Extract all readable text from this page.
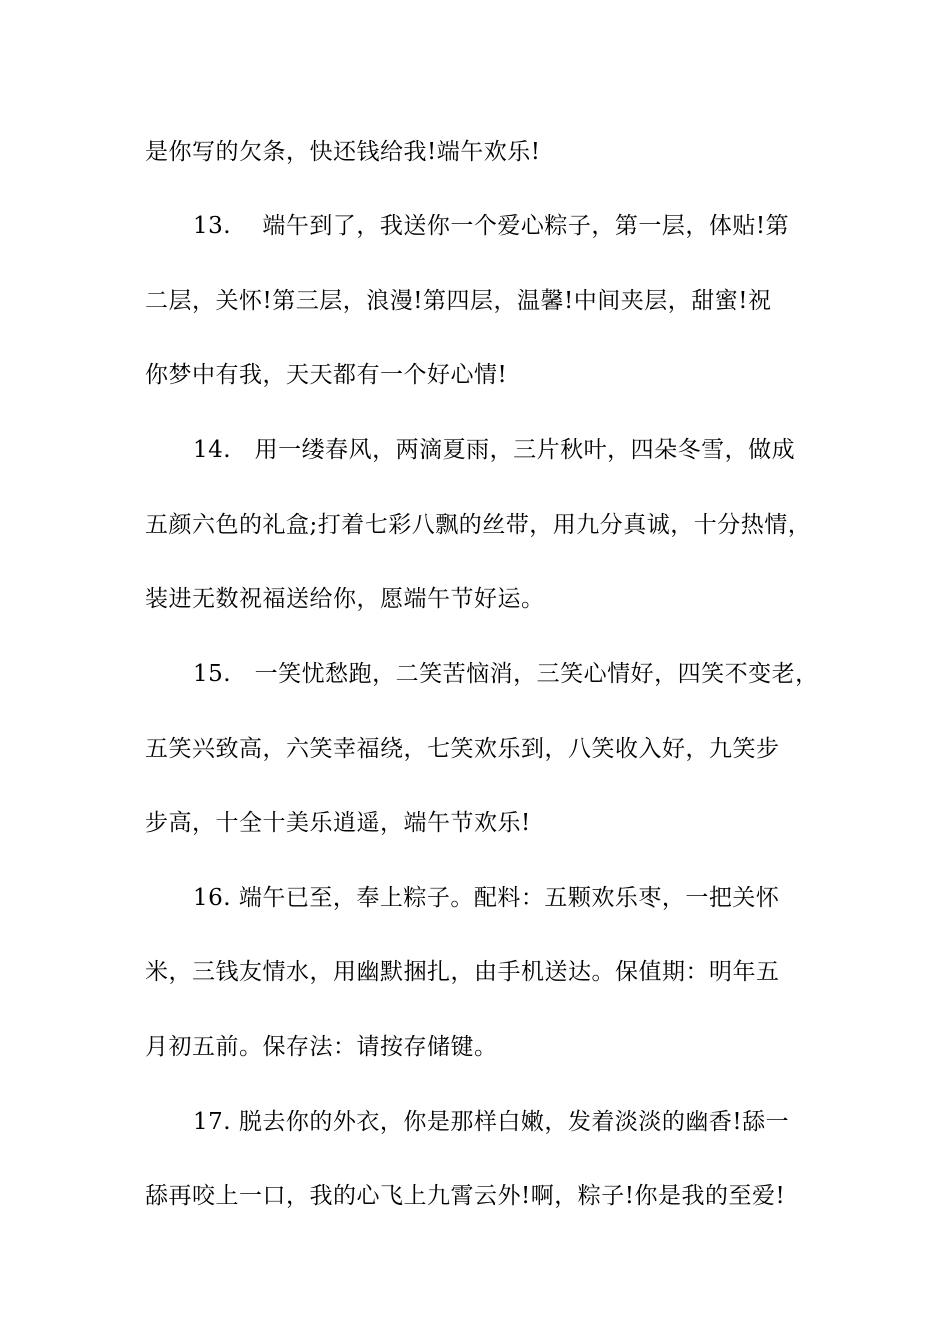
是你写的欠条，快还钱给我!端午欢乐!
13.　 端午到了，我送你一个爱心粽子，第一层，体贴!第
二层，关怀!第三层，浪漫!第四层，温馨!中间夹层，甜蜜!祝
你梦中有我，天天都有一个好心情!
14.　用一缕春风，两滴夏雨，三片秋叶，四朵冬雪，做成
五颜六色的礼盒;打着七彩八飘的丝带，用九分真诚，十分热情，
装进无数祝福送给你，愿端午节好运。
15.　一笑忧愁跑，二笑苦恼消，三笑心情好，四笑不变老，
五笑兴致高，六笑幸福绕，七笑欢乐到，八笑收入好，九笑步
步高，十全十美乐逍遥，端午节欢乐!
16. 端午已至，奉上粽子。配料：五颗欢乐枣，一把关怀
米，三钱友情水，用幽默捆扎，由手机送达。保值期：明年五
月初五前。保存法：请按存储键。
17. 脱去你的外衣，你是那样白嫩，发着淡淡的幽香!舔一
舔再咬上一口，我的心飞上九霄云外!啊，粽子!你是我的至爱!
